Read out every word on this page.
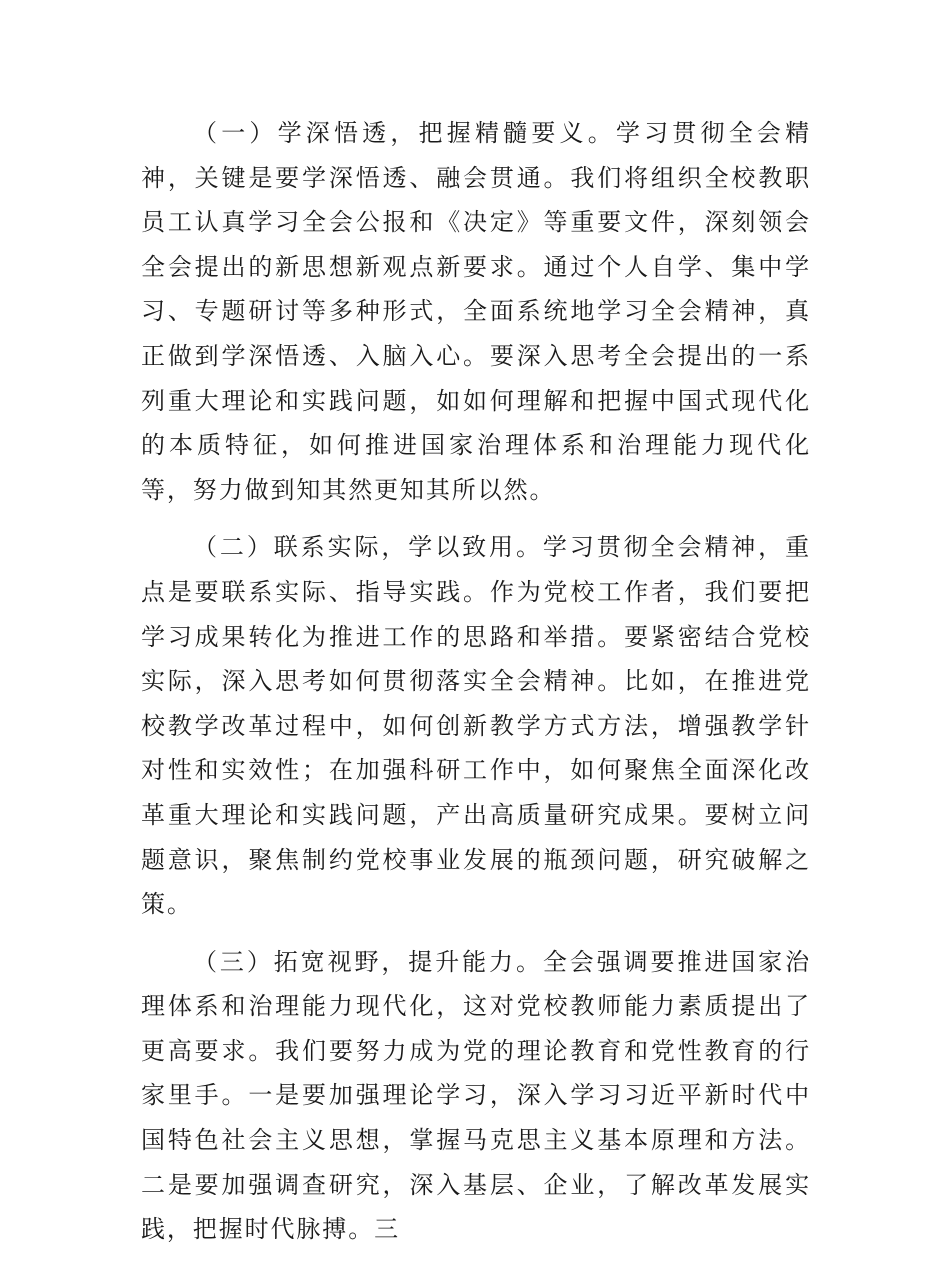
（一）学深悟透，把握精髓要义。学习贯彻全会精神，关键是要学深悟透、融会贯通。我们将组织全校教职员工认真学习全会公报和《决定》等重要文件，深刻领会全会提出的新思想新观点新要求。通过个人自学、集中学习、专题研讨等多种形式，全面系统地学习全会精神，真正做到学深悟透、入脑入心。要深入思考全会提出的一系列重大理论和实践问题，如如何理解和把握中国式现代化的本质特征，如何推进国家治理体系和治理能力现代化等，努力做到知其然更知其所以然。

（二）联系实际，学以致用。学习贯彻全会精神，重点是要联系实际、指导实践。作为党校工作者，我们要把学习成果转化为推进工作的思路和举措。要紧密结合党校实际，深入思考如何贯彻落实全会精神。比如，在推进党校教学改革过程中，如何创新教学方式方法，增强教学针对性和实效性；在加强科研工作中，如何聚焦全面深化改革重大理论和实践问题，产出高质量研究成果。要树立问题意识，聚焦制约党校事业发展的瓶颈问题，研究破解之策。

（三）拓宽视野，提升能力。全会强调要推进国家治理体系和治理能力现代化，这对党校教师能力素质提出了更高要求。我们要努力成为党的理论教育和党性教育的行家里手。一是要加强理论学习，深入学习习近平新时代中国特色社会主义思想，掌握马克思主义基本原理和方法。二是要加强调查研究，深入基层、企业，了解改革发展实践，把握时代脉搏。三
